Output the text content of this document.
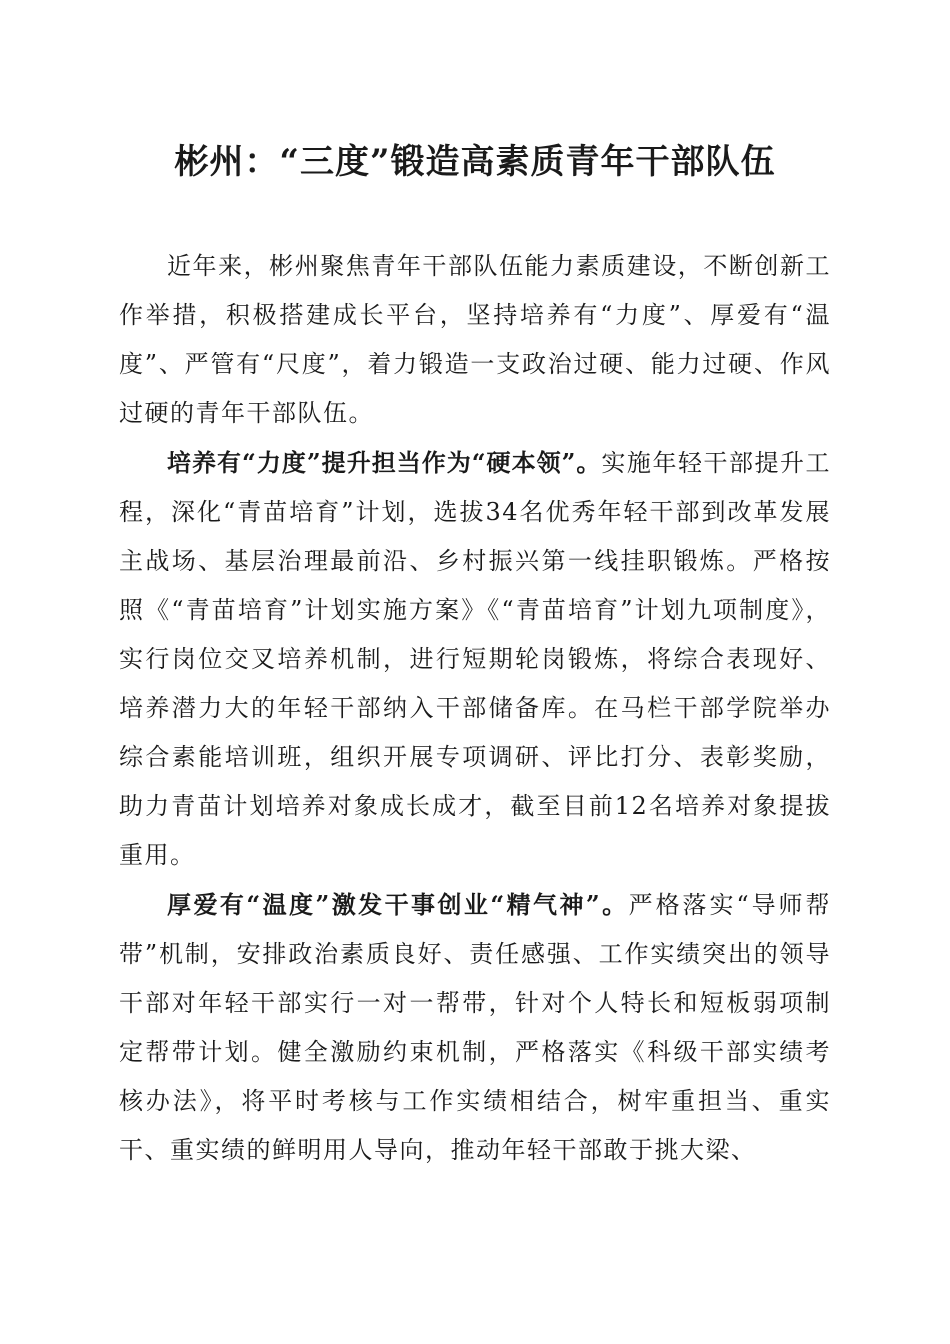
彬州：“三度”锻造高素质青年干部队伍

近年来，彬州聚焦青年干部队伍能力素质建设，不断创新工作举措，积极搭建成长平台，坚持培养有“力度”、厚爱有“温度”、严管有“尺度”，着力锻造一支政治过硬、能力过硬、作风过硬的青年干部队伍。

培养有“力度”提升担当作为“硬本领”。实施年轻干部提升工程，深化“青苗培育”计划，选拔34名优秀年轻干部到改革发展主战场、基层治理最前沿、乡村振兴第一线挂职锻炼。严格按照《“青苗培育”计划实施方案》《“青苗培育”计划九项制度》，实行岗位交叉培养机制，进行短期轮岗锻炼，将综合表现好、培养潜力大的年轻干部纳入干部储备库。在马栏干部学院举办综合素能培训班，组织开展专项调研、评比打分、表彰奖励，助力青苗计划培养对象成长成才，截至目前12名培养对象提拔重用。

厚爱有“温度”激发干事创业“精气神”。严格落实“导师帮带”机制，安排政治素质良好、责任感强、工作实绩突出的领导干部对年轻干部实行一对一帮带，针对个人特长和短板弱项制定帮带计划。健全激励约束机制，严格落实《科级干部实绩考核办法》，将平时考核与工作实绩相结合，树牢重担当、重实干、重实绩的鲜明用人导向，推动年轻干部敢于挑大梁、
